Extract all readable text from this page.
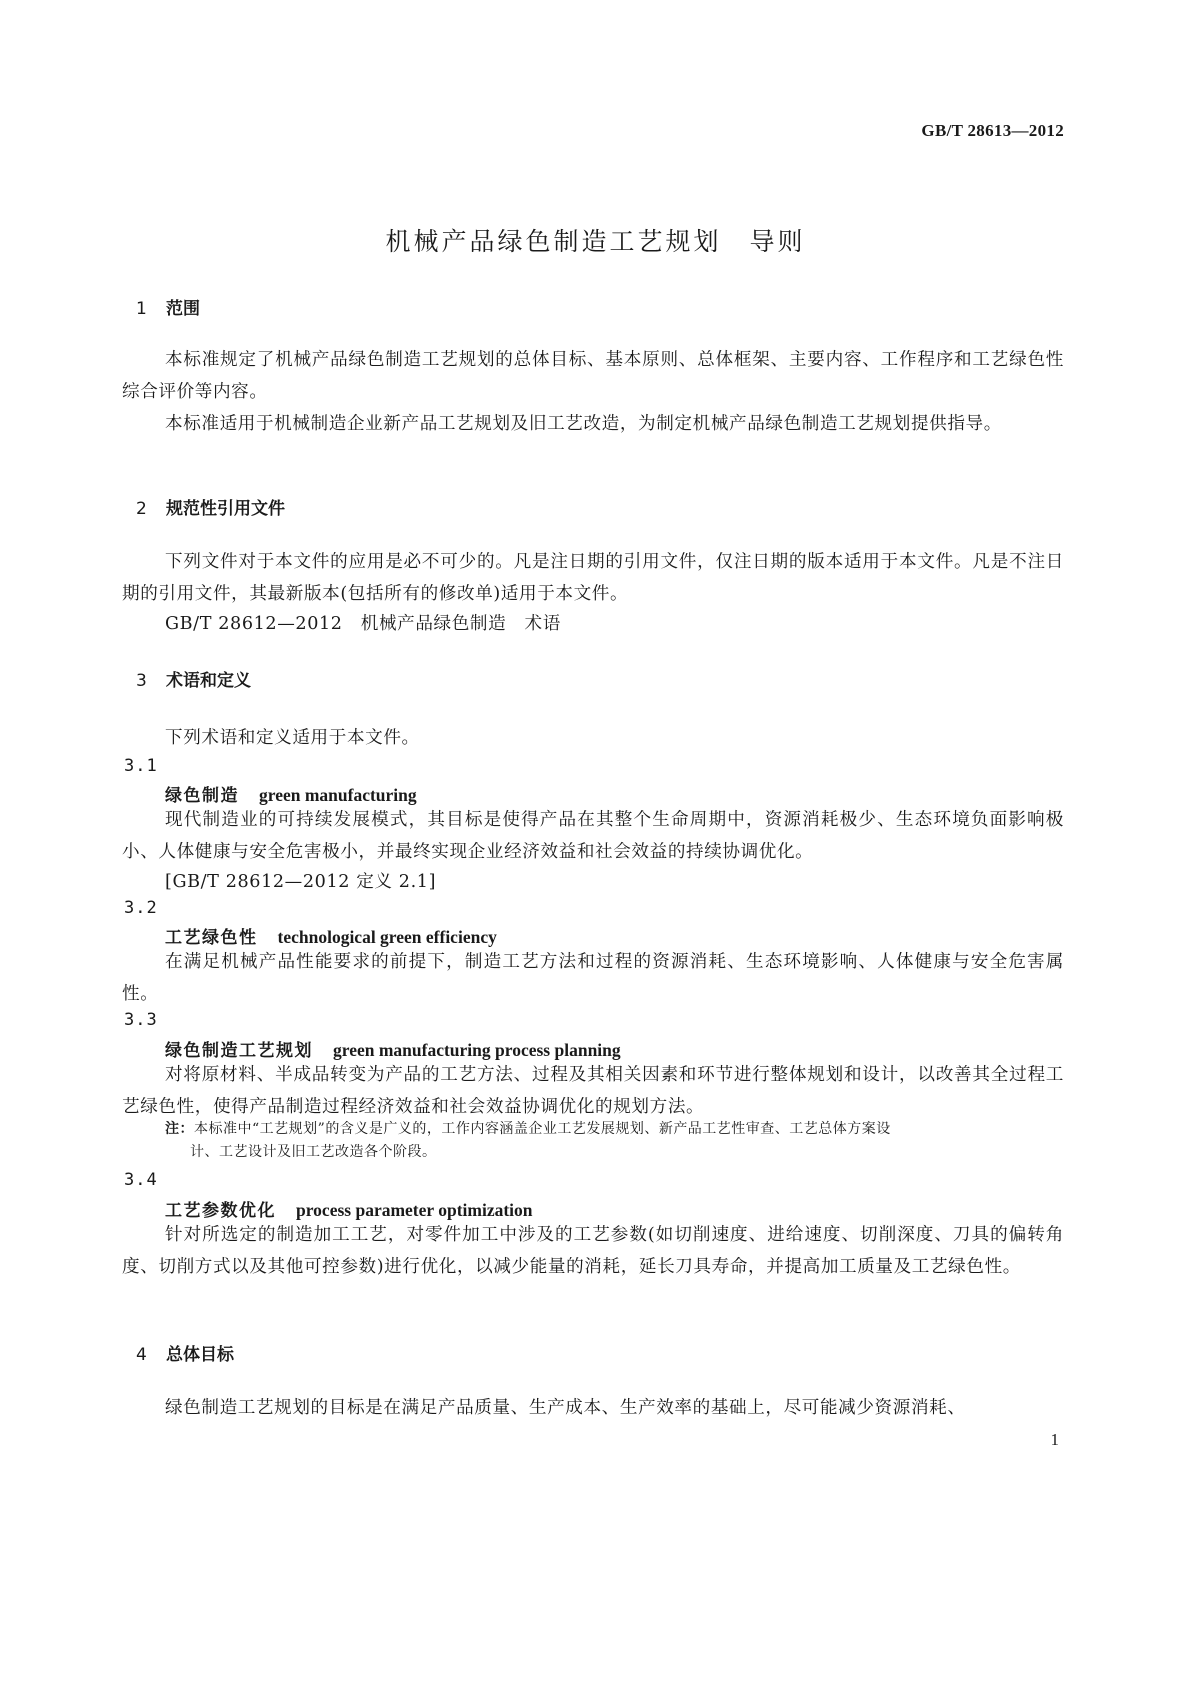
GB/T 28613—2012
机械产品绿色制造工艺规划　导则
1 范围
本标准规定了机械产品绿色制造工艺规划的总体目标、基本原则、总体框架、主要内容、工作程序和工艺绿色性综合评价等内容。
本标准适用于机械制造企业新产品工艺规划及旧工艺改造，为制定机械产品绿色制造工艺规划提供指导。
2 规范性引用文件
下列文件对于本文件的应用是必不可少的。凡是注日期的引用文件，仅注日期的版本适用于本文件。凡是不注日期的引用文件，其最新版本(包括所有的修改单)适用于本文件。
GB/T 28612—2012　机械产品绿色制造　术语
3 术语和定义
下列术语和定义适用于本文件。
3.1
绿色制造 green manufacturing
现代制造业的可持续发展模式，其目标是使得产品在其整个生命周期中，资源消耗极少、生态环境负面影响极小、人体健康与安全危害极小，并最终实现企业经济效益和社会效益的持续协调优化。
[GB/T 28612—2012 定义 2.1]
3.2
工艺绿色性 technological green efficiency
在满足机械产品性能要求的前提下，制造工艺方法和过程的资源消耗、生态环境影响、人体健康与安全危害属性。
3.3
绿色制造工艺规划 green manufacturing process planning
对将原材料、半成品转变为产品的工艺方法、过程及其相关因素和环节进行整体规划和设计，以改善其全过程工艺绿色性，使得产品制造过程经济效益和社会效益协调优化的规划方法。
注：本标准中“工艺规划”的含义是广义的，工作内容涵盖企业工艺发展规划、新产品工艺性审查、工艺总体方案设
计、工艺设计及旧工艺改造各个阶段。
3.4
工艺参数优化 process parameter optimization
针对所选定的制造加工工艺，对零件加工中涉及的工艺参数(如切削速度、进给速度、切削深度、刀具的偏转角度、切削方式以及其他可控参数)进行优化，以减少能量的消耗，延长刀具寿命，并提高加工质量及工艺绿色性。
4 总体目标
绿色制造工艺规划的目标是在满足产品质量、生产成本、生产效率的基础上，尽可能减少资源消耗、
1
